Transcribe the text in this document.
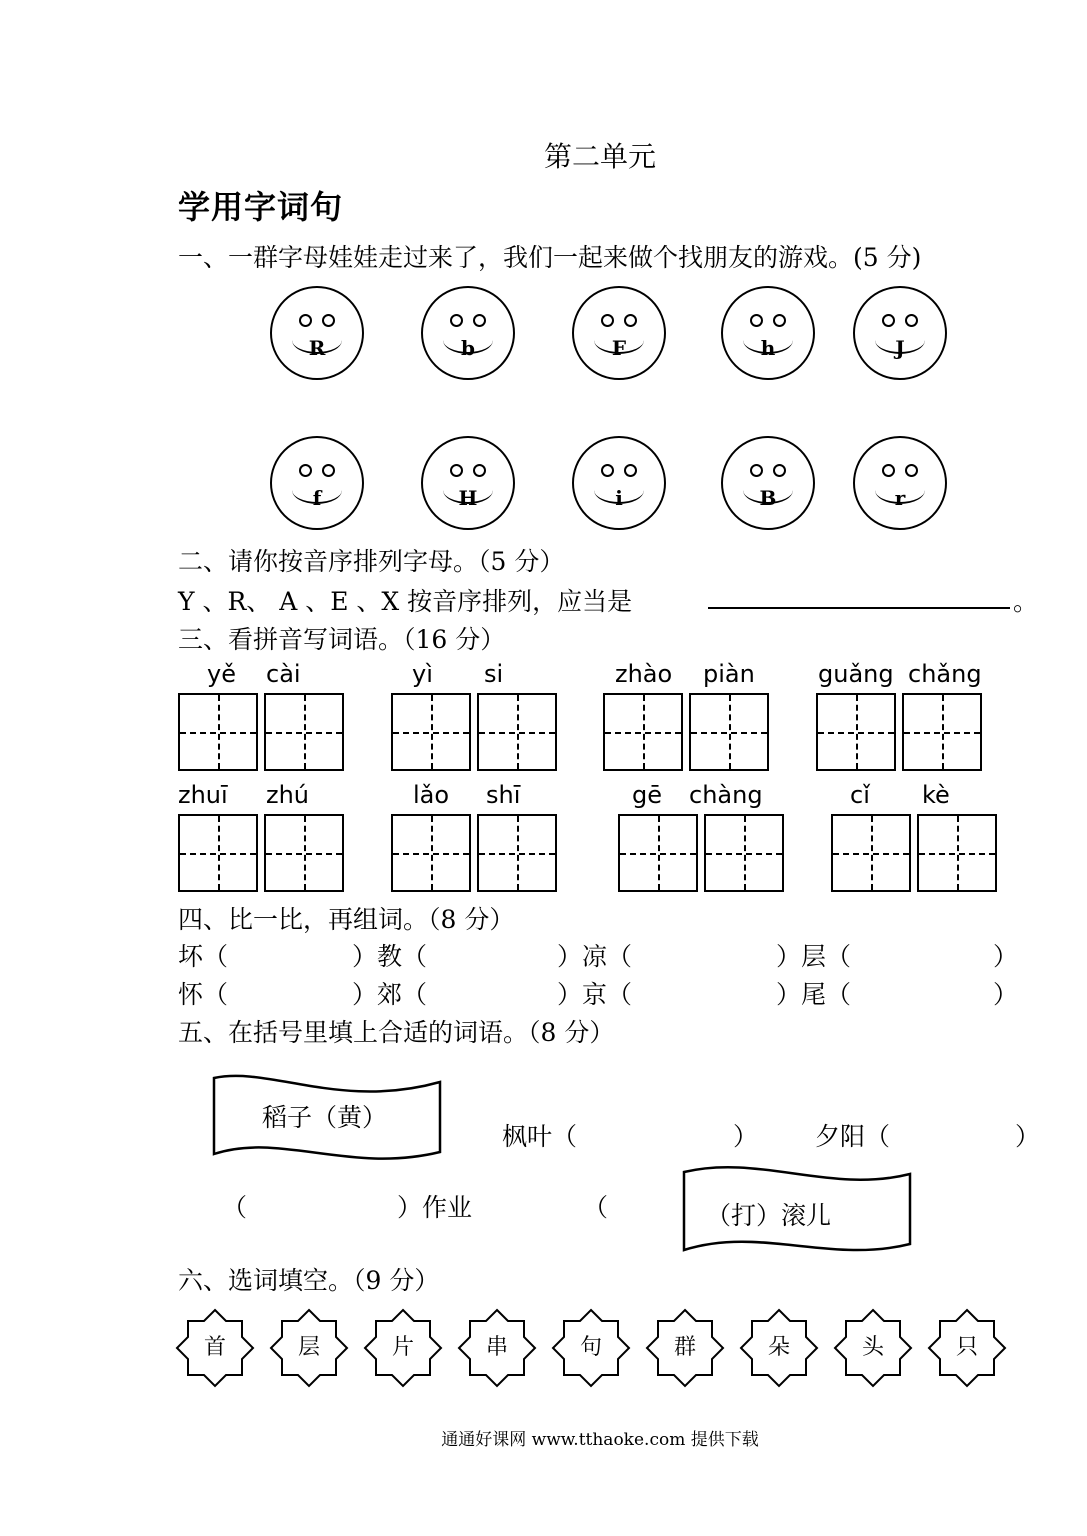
第二单元
学用字词句
一、一群字母娃娃走过来了，我们一起来做个找朋友的游戏。(5 分)
R	b	F	h	J
f	H	i	B	r
二、请你按音序排列字母。（5 分）
Y 、R、 A 、E 、X 按音序排列，应当是	。
三、看拼音写词语。（16 分）
yě cài	yì si	zhào piàn	guǎng chǎng
zhuī zhú	lǎo shī	gē chàng	cǐ kè
四、比一比，再组词。（8 分）
坏（	）教（	）凉（	）层（	）
怀（	）郊（	）京（	）尾（	）
五、在括号里填上合适的词语。（8 分）
稻子（黄）
枫叶（	） 夕阳（	）
（	）作业	（	（打）滚儿
六、选词填空。（9 分）
首	层	片	串	句	群	朵	头	只
通通好课网 www.tthaoke.com 提供下载
